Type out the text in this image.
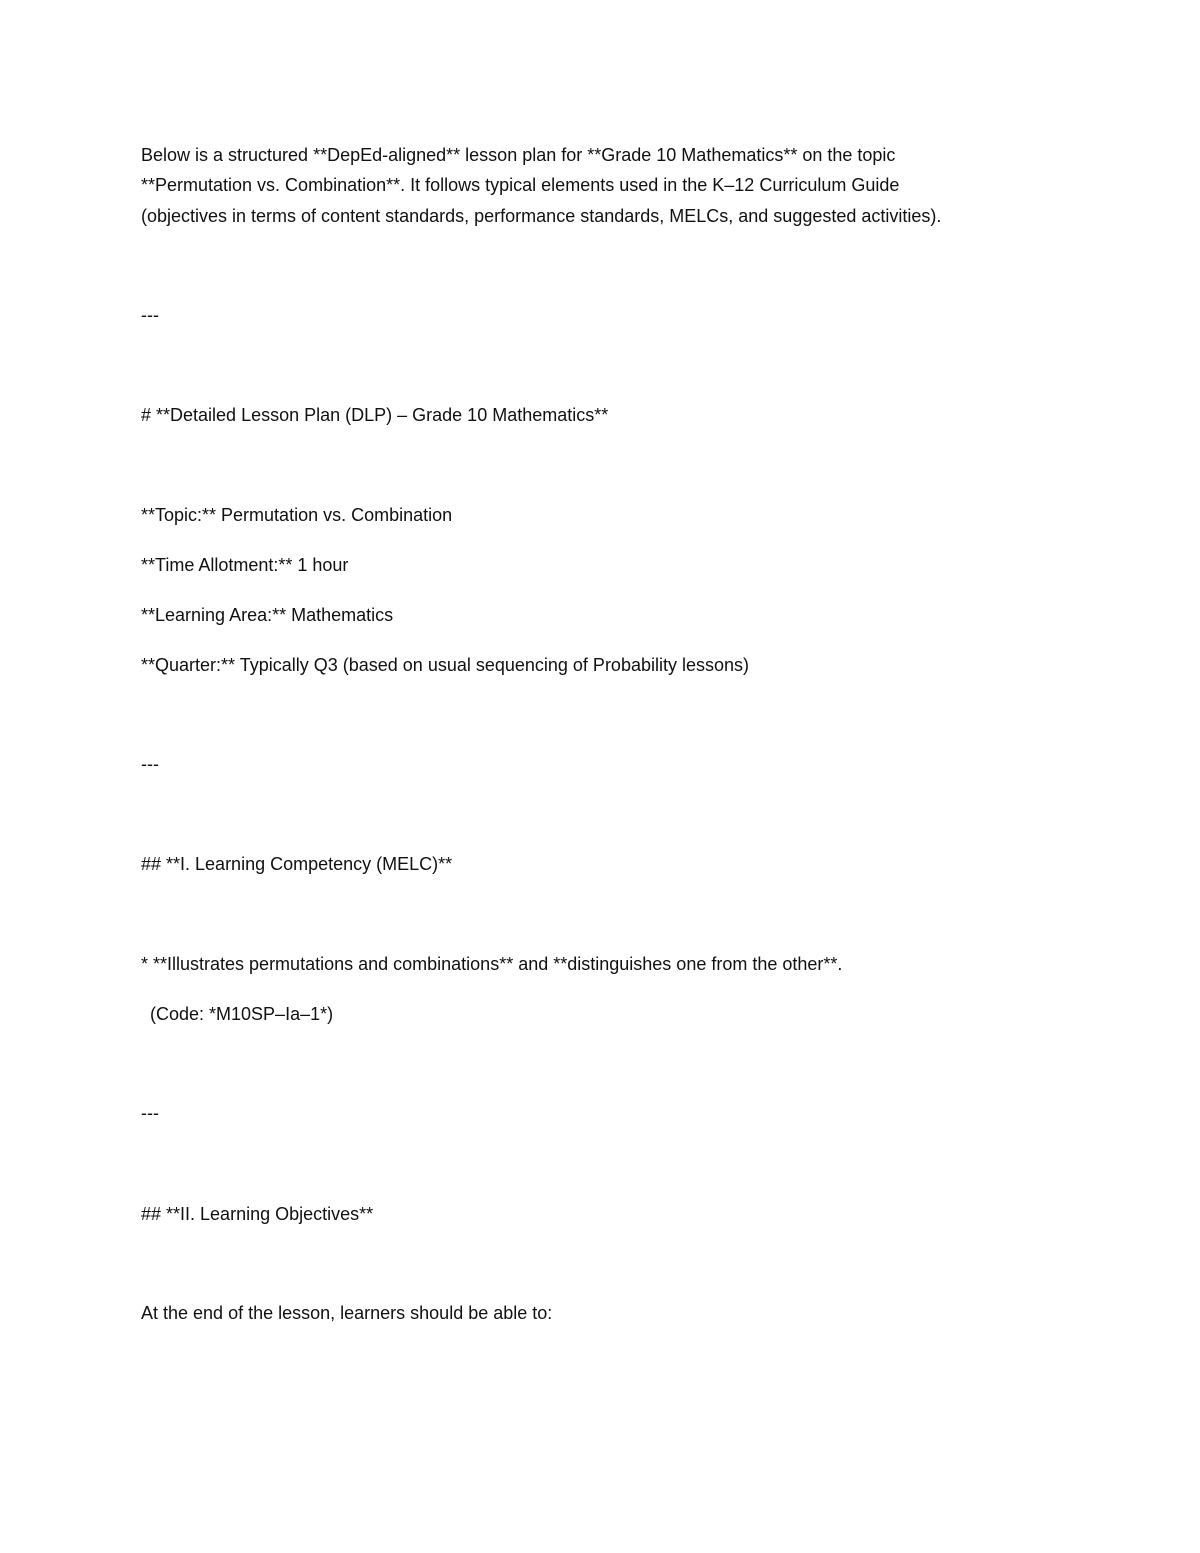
Below is a structured **DepEd-aligned** lesson plan for **Grade 10 Mathematics** on the topic
**Permutation vs. Combination**. It follows typical elements used in the K–12 Curriculum Guide
(objectives in terms of content standards, performance standards, MELCs, and suggested activities).
---
# **Detailed Lesson Plan (DLP) – Grade 10 Mathematics**
**Topic:** Permutation vs. Combination
**Time Allotment:** 1 hour
**Learning Area:** Mathematics
**Quarter:** Typically Q3 (based on usual sequencing of Probability lessons)
---
## **I. Learning Competency (MELC)**
* **Illustrates permutations and combinations** and **distinguishes one from the other**.
(Code: *M10SP–Ia–1*)
---
## **II. Learning Objectives**
At the end of the lesson, learners should be able to:
